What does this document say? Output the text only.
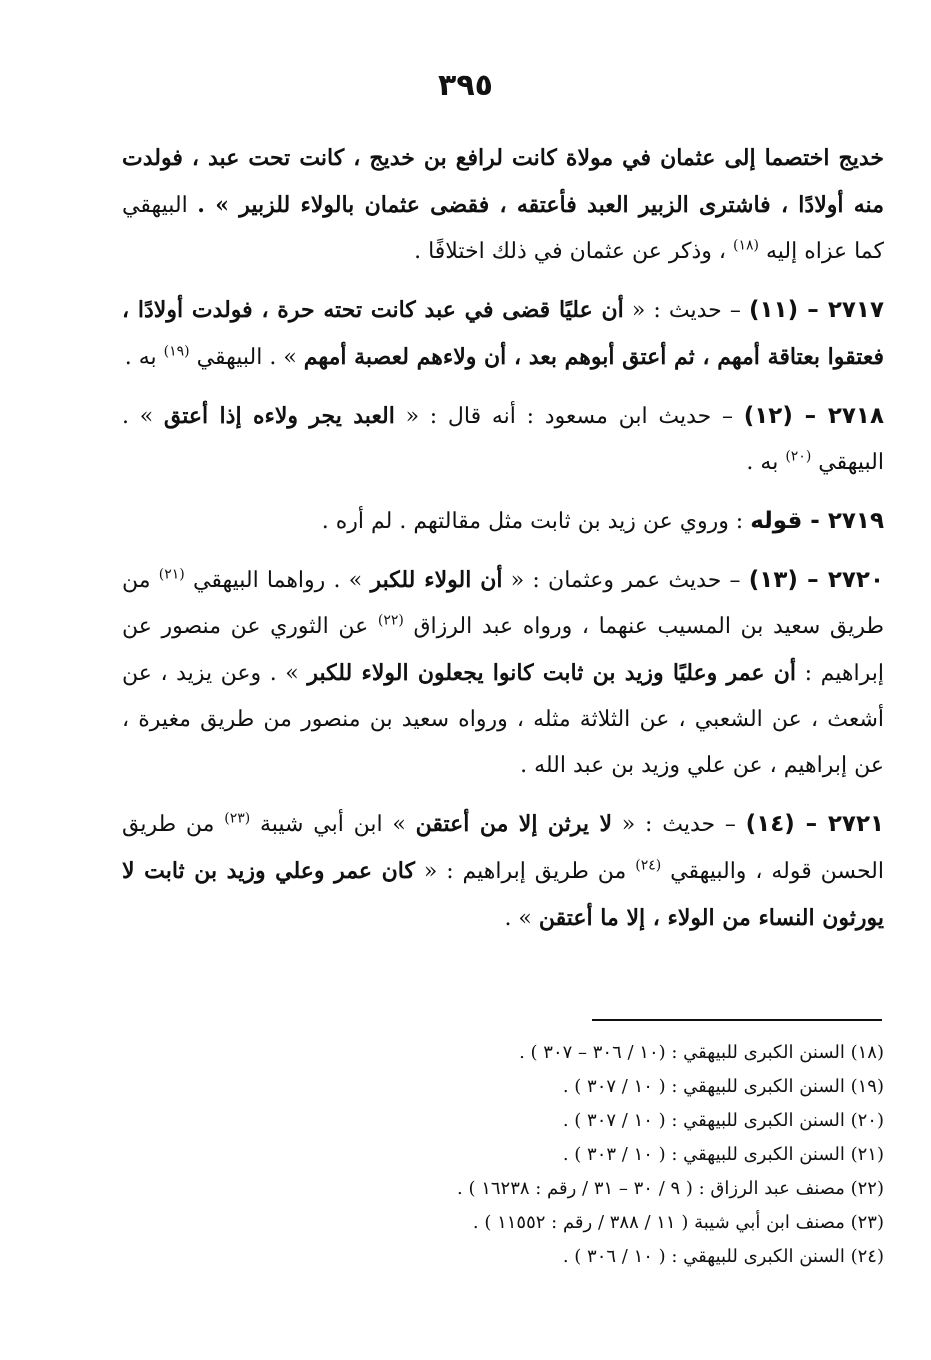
٣٩٥

خديج اختصما إلى عثمان في مولاة كانت لرافع بن خديج ، كانت تحت عبد ، فولدت منه أولادًا ، فاشترى الزبير العبد فأعتقه ، فقضى عثمان بالولاء للزبير » . البيهقي كما عزاه إليه $^{(١٨)}$ ، وذكر عن عثمان في ذلك اختلافًا .

٢٧١٧ – (١١) – حديث : « أن عليًا قضى في عبد كانت تحته حرة ، فولدت أولادًا ، فعتقوا بعتاقة أمهم ، ثم أعتق أبوهم بعد ، أن ولاءهم لعصبة أمهم » . البيهقي $^{(١٩)}$ به .

٢٧١٨ – (١٢) – حديث ابن مسعود : أنه قال : « العبد يجر ولاءه إذا أعتق » . البيهقي $^{(٢٠)}$ به .

٢٧١٩ - قوله : وروي عن زيد بن ثابت مثل مقالتهم . لم أره .

٢٧٢٠ – (١٣) – حديث عمر وعثمان : « أن الولاء للكبر » . رواهما البيهقي $^{(٢١)}$ من طريق سعيد بن المسيب عنهما ، ورواه عبد الرزاق $^{(٢٢)}$ عن الثوري عن منصور عن إبراهيم : أن عمر وعليًا وزيد بن ثابت كانوا يجعلون الولاء للكبر » . وعن يزيد ، عن أشعث ، عن الشعبي ، عن الثلاثة مثله ، ورواه سعيد بن منصور من طريق مغيرة ، عن إبراهيم ، عن علي وزيد بن عبد الله .

٢٧٢١ – (١٤) – حديث : « لا يرثن إلا من أعتقن » ابن أبي شيبة $^{(٢٣)}$ من طريق الحسن قوله ، والبيهقي $^{(٢٤)}$ من طريق إبراهيم : « كان عمر وعلي وزيد بن ثابت لا يورثون النساء من الولاء ، إلا ما أعتقن » .

(١٨) السنن الكبرى للبيهقي : (١٠ / ٣٠٦ – ٣٠٧ ) .
(١٩) السنن الكبرى للبيهقي : ( ١٠ / ٣٠٧ ) .
(٢٠) السنن الكبرى للبيهقي : ( ١٠ / ٣٠٧ ) .
(٢١) السنن الكبرى للبيهقي : ( ١٠ / ٣٠٣ ) .
(٢٢) مصنف عبد الرزاق : ( ٩ / ٣٠ – ٣١ / رقم : ١٦٢٣٨ ) .
(٢٣) مصنف ابن أبي شيبة ( ١١ / ٣٨٨ / رقم : ١١٥٥٢ ) .
(٢٤) السنن الكبرى للبيهقي : ( ١٠ / ٣٠٦ ) .
